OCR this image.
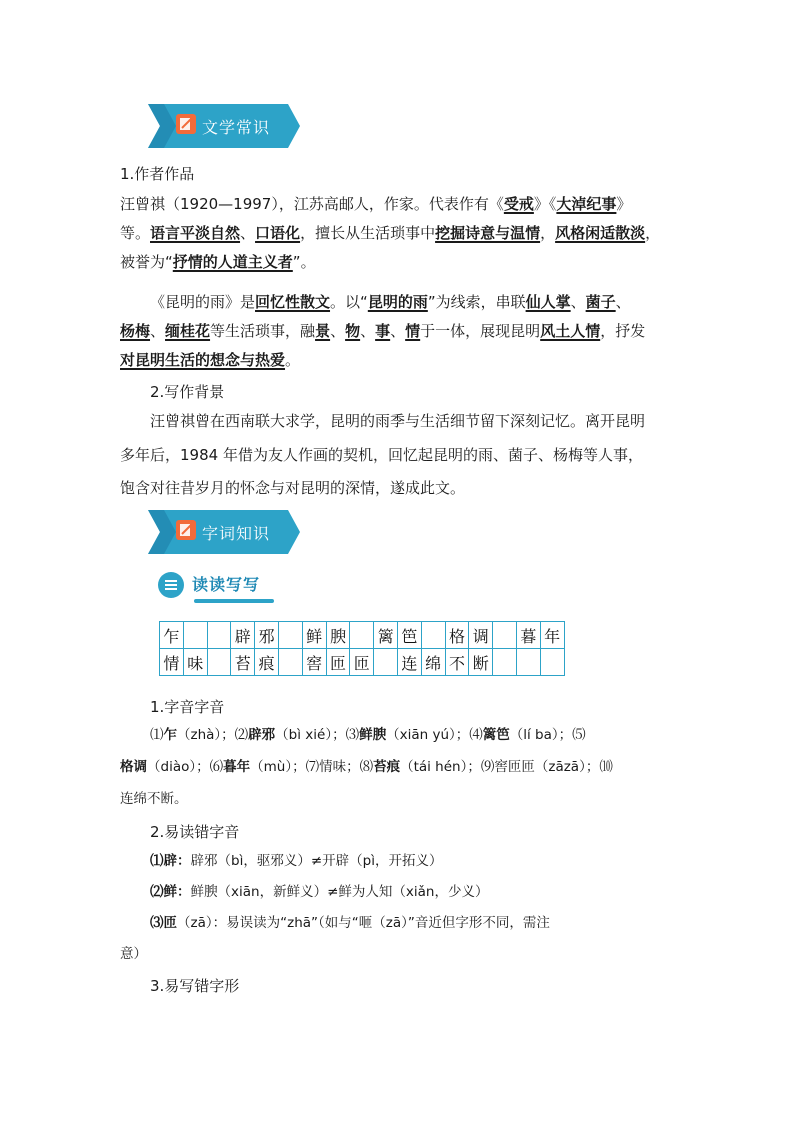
文学常识
1.作者作品
汪曾祺（1920—1997），江苏高邮人，作家。代表作有《受戒》《大淖纪事》
等。语言平淡自然、口语化，擅长从生活琐事中挖掘诗意与温情，风格闲适散淡，
被誉为“抒情的人道主义者”。
《昆明的雨》是回忆性散文。以“昆明的雨”为线索，串联仙人掌、菌子、
杨梅、缅桂花等生活琐事，融景、物、事、情于一体，展现昆明风土人情，抒发
对昆明生活的想念与热爱。
2.写作背景
汪曾祺曾在西南联大求学，昆明的雨季与生活细节留下深刻记忆。离开昆明
多年后，1984 年借为友人作画的契机，回忆起昆明的雨、菌子、杨梅等人事，
饱含对往昔岁月的怀念与对昆明的深情，遂成此文。
字词知识
读读写写
乍			辟	邪		鲜	腴		篱	笆		格	调		暮	年
情	味		苔	痕		窖	匝	匝		连	绵	不	断			
1.字音字音
⑴乍（zhà）；⑵辟邪（bì xié）；⑶鲜腴（xiān yú）；⑷篱笆（lí ba）；⑸
格调（diào）；⑹暮年（mù）；⑺情味；⑻苔痕（tái hén）；⑼窖匝匝（zāzā）；⑽
连绵不断。
2.易读错字音
⑴辟：辟邪（bì，驱邪义）≠开辟（pì，开拓义）
⑵鲜：鲜腴（xiān，新鲜义）≠鲜为人知（xiǎn，少义）
⑶匝（zā）：易误读为“zhā”（如与“咂（zā）”音近但字形不同，需注
意）
3.易写错字形
